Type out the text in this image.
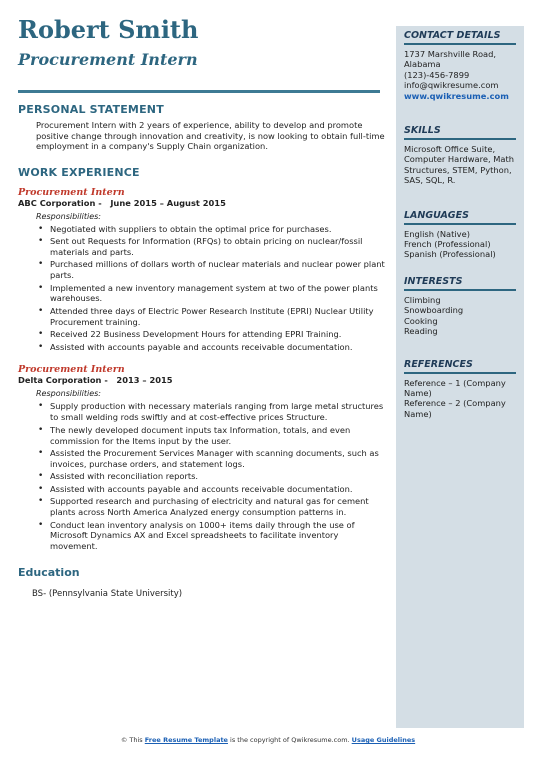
Robert Smith
Procurement Intern
PERSONAL STATEMENT
Procurement Intern with 2 years of experience, ability to develop and promote positive change through innovation and creativity, is now looking to obtain full-time employment in a company's Supply Chain organization.
WORK EXPERIENCE
Procurement Intern
ABC Corporation -   June 2015 – August 2015
Responsibilities:
• Negotiated with suppliers to obtain the optimal price for purchases.
• Sent out Requests for Information (RFQs) to obtain pricing on nuclear/fossil materials and parts.
• Purchased millions of dollars worth of nuclear materials and nuclear power plant parts.
• Implemented a new inventory management system at two of the power plants warehouses.
• Attended three days of Electric Power Research Institute (EPRI) Nuclear Utility Procurement training.
• Received 22 Business Development Hours for attending EPRI Training.
• Assisted with accounts payable and accounts receivable documentation.
Procurement Intern
Delta Corporation -   2013 – 2015
Responsibilities:
• Supply production with necessary materials ranging from large metal structures to small welding rods swiftly and at cost-effective prices Structure.
• The newly developed document inputs tax Information, totals, and even commission for the Items input by the user.
• Assisted the Procurement Services Manager with scanning documents, such as invoices, purchase orders, and statement logs.
• Assisted with reconciliation reports.
• Assisted with accounts payable and accounts receivable documentation.
• Supported research and purchasing of electricity and natural gas for cement plants across North America Analyzed energy consumption patterns in.
• Conduct lean inventory analysis on 1000+ items daily through the use of Microsoft Dynamics AX and Excel spreadsheets to facilitate inventory movement.
Education
BS- (Pennsylvania State University)
CONTACT DETAILS
1737 Marshville Road,
Alabama
(123)-456-7899
info@qwikresume.com
www.qwikresume.com
SKILLS
Microsoft Office Suite, Computer Hardware, Math Structures, STEM, Python, SAS, SQL, R.
LANGUAGES
English (Native)
French (Professional)
Spanish (Professional)
INTERESTS
Climbing
Snowboarding
Cooking
Reading
REFERENCES
Reference – 1 (Company Name)
Reference – 2 (Company Name)
© This Free Resume Template is the copyright of Qwikresume.com. Usage Guidelines
